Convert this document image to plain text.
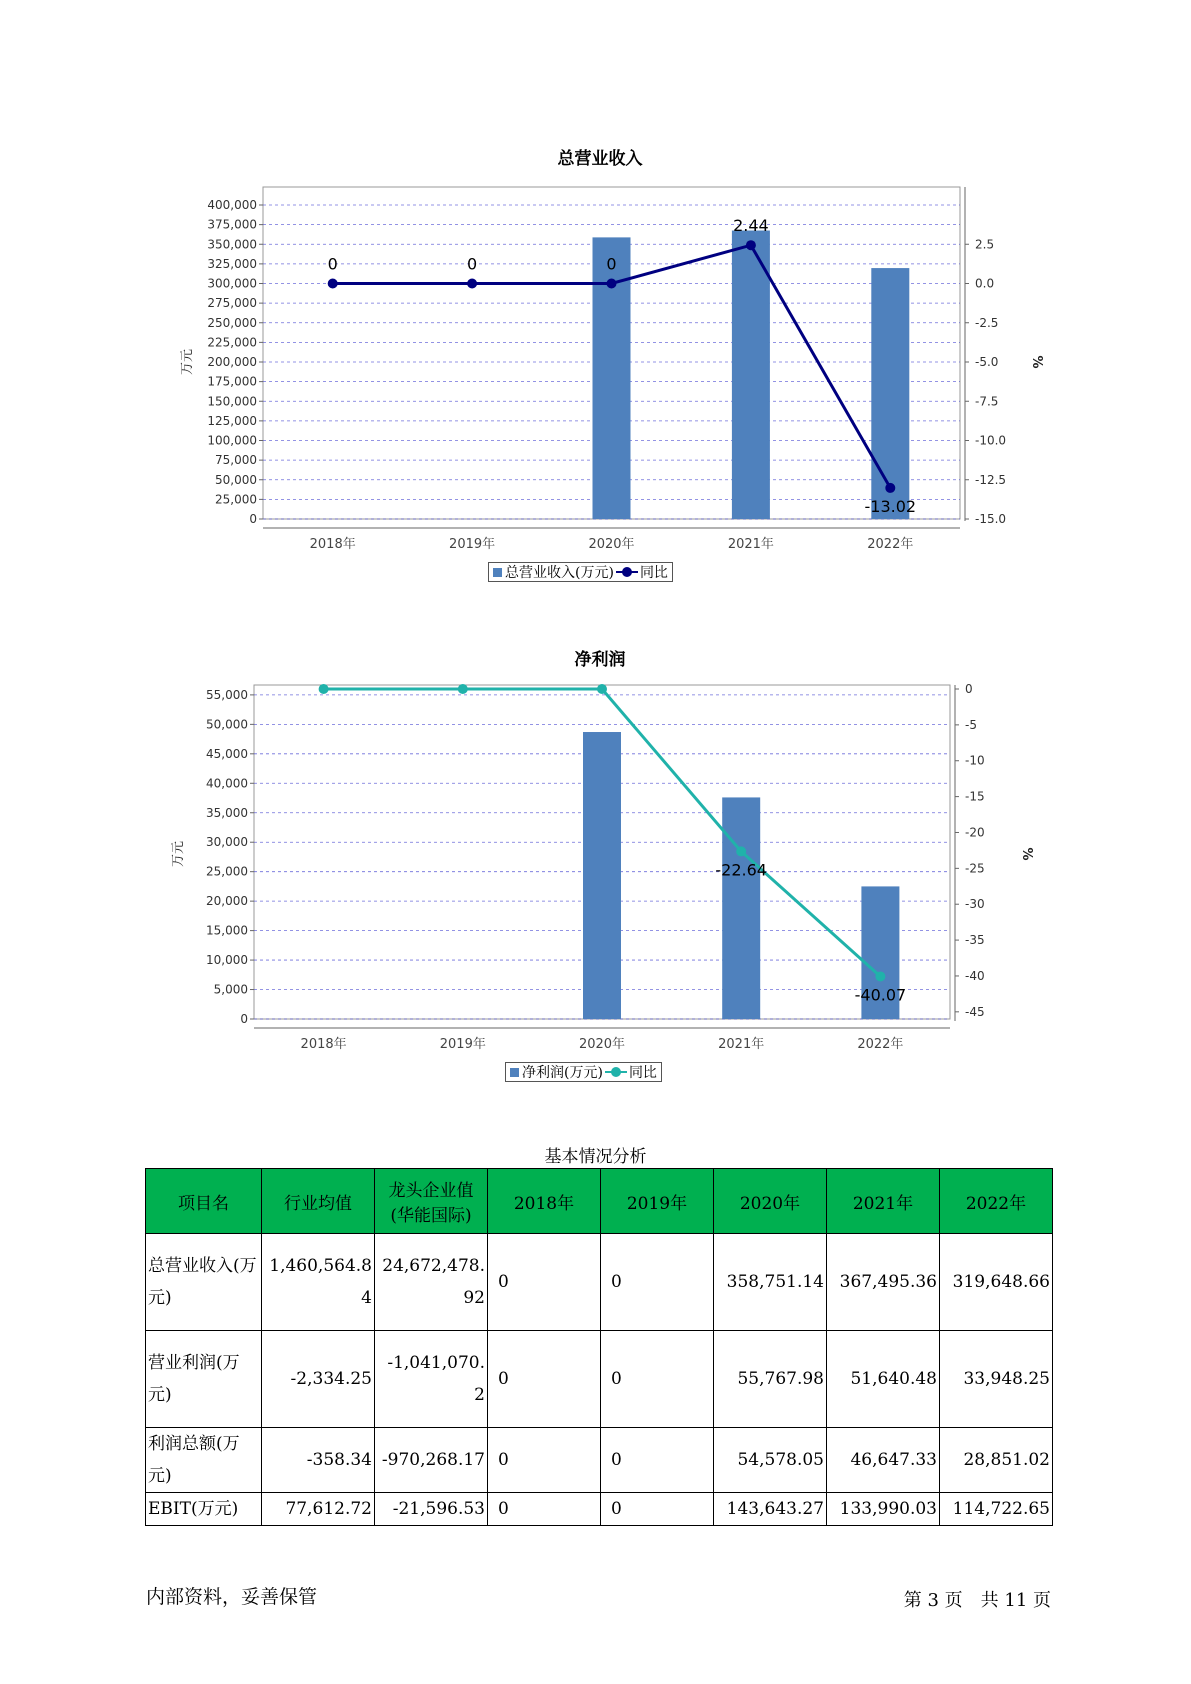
总营业收入
0
25,000
50,000
75,000
100,000
125,000
150,000
175,000
200,000
225,000
250,000
275,000
300,000
325,000
350,000
375,000
400,000
-15.0
-12.5
-10.0
-7.5
-5.0
-2.5
0.0
2.5
2018年	2019年	2020年	2021年	2022年
万元	%
0	0	0
2.44
-13.02
总营业收入(万元) 同比
净利润
0
5,000
10,000
15,000
20,000
25,000
30,000
35,000
40,000
45,000
50,000
55,000	0
-5
-10
-15
-20
-25
-30
-35
-40
-45
2018年	2019年	2020年	2021年	2022年
万元	%
-22.64
-40.07
净利润(万元) 同比
基本情况分析
项目名	行业均值	龙头企业值(华能国际)	2018年	2019年	2020年	2021年	2022年
总营业收入(万元)	1,460,564.84	24,672,478.92	0	0	358,751.14	367,495.36	319,648.66
营业利润(万元)	-2,334.25	-1,041,070.2	0	0	55,767.98	51,640.48	33,948.25
利润总额(万元)	-358.34	-970,268.17	0	0	54,578.05	46,647.33	28,851.02
EBIT(万元)	77,612.72	-21,596.53	0	0	143,643.27	133,990.03	114,722.65
内部资料，妥善保管	第 3 页　共 11 页
